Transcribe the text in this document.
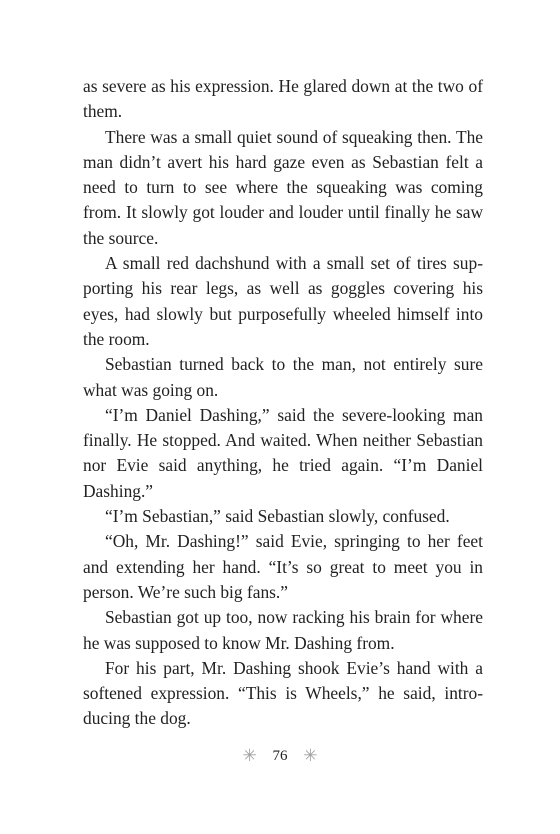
as severe as his expression. He glared down at the two of them.

There was a small quiet sound of squeaking then. The man didn’t avert his hard gaze even as Sebastian felt a need to turn to see where the squeaking was coming from. It slowly got louder and louder until finally he saw the source.

A small red dachshund with a small set of tires supporting his rear legs, as well as goggles covering his eyes, had slowly but purposefully wheeled himself into the room.

Sebastian turned back to the man, not entirely sure what was going on.

“I’m Daniel Dashing,” said the severe-looking man finally. He stopped. And waited. When neither Sebastian nor Evie said anything, he tried again. “I’m Daniel Dashing.”

“I’m Sebastian,” said Sebastian slowly, confused.

“Oh, Mr. Dashing!” said Evie, springing to her feet and extending her hand. “It’s so great to meet you in person. We’re such big fans.”

Sebastian got up too, now racking his brain for where he was supposed to know Mr. Dashing from.

For his part, Mr. Dashing shook Evie’s hand with a softened expression. “This is Wheels,” he said, introducing the dog.

✳ 76 ✳
